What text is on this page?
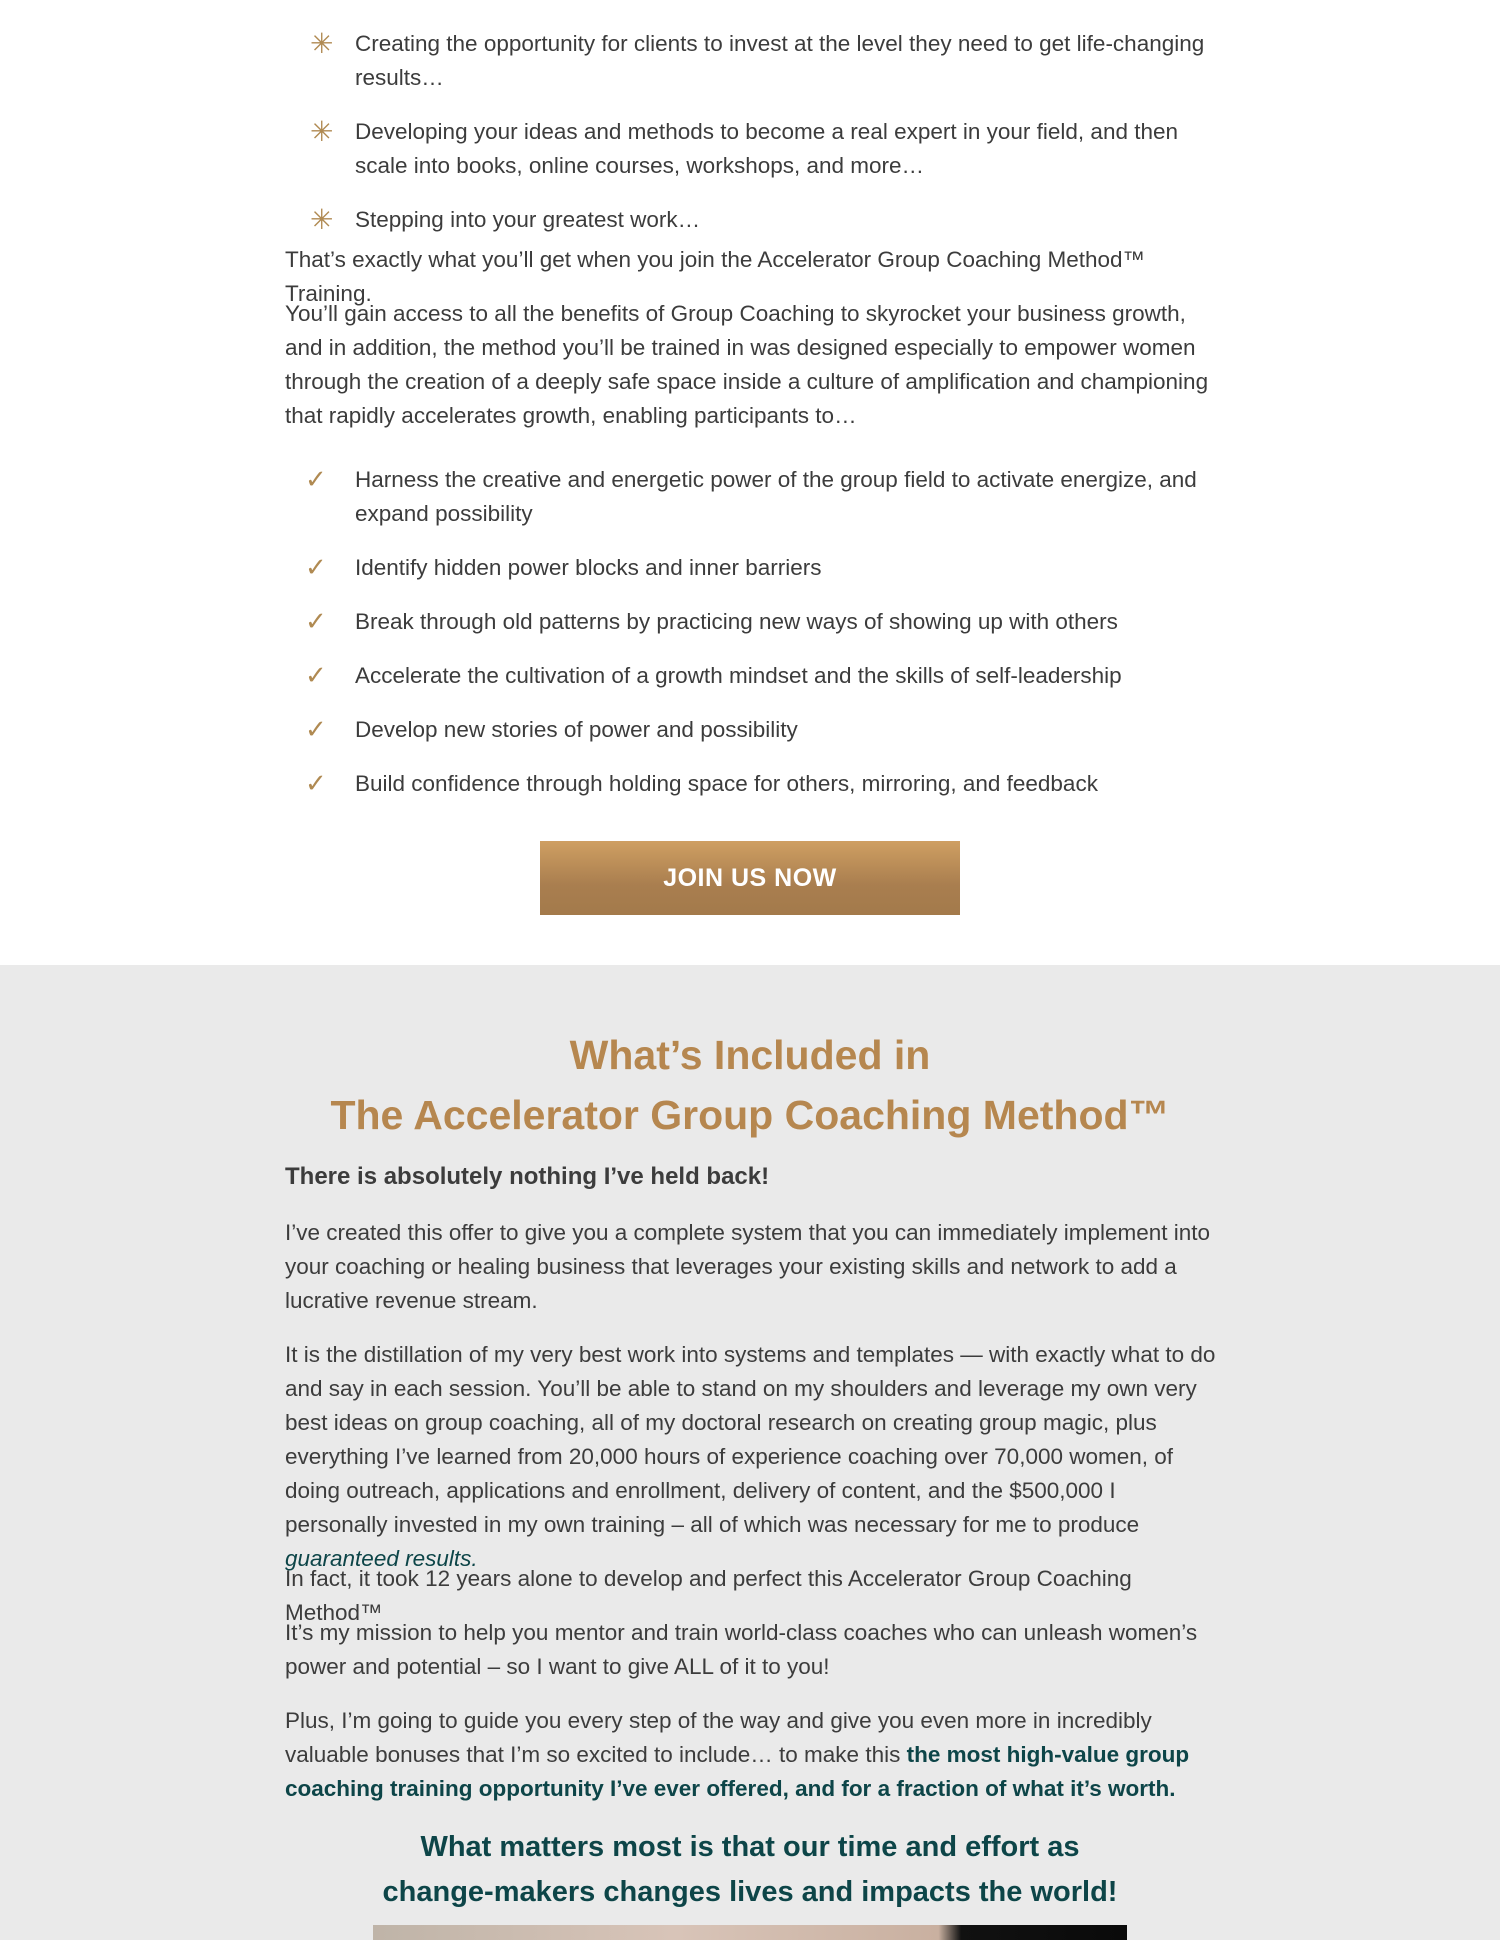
✳ Creating the opportunity for clients to invest at the level they need to get life-changing results…
✳ Developing your ideas and methods to become a real expert in your field, and then scale into books, online courses, workshops, and more…
✳ Stepping into your greatest work…

That’s exactly what you’ll get when you join the Accelerator Group Coaching Method™ Training.

You’ll gain access to all the benefits of Group Coaching to skyrocket your business growth, and in addition, the method you’ll be trained in was designed especially to empower women through the creation of a deeply safe space inside a culture of amplification and championing that rapidly accelerates growth, enabling participants to…

✓ Harness the creative and energetic power of the group field to activate energize, and expand possibility
✓ Identify hidden power blocks and inner barriers
✓ Break through old patterns by practicing new ways of showing up with others
✓ Accelerate the cultivation of a growth mindset and the skills of self-leadership
✓ Develop new stories of power and possibility
✓ Build confidence through holding space for others, mirroring, and feedback
JOIN US NOW
What’s Included in
The Accelerator Group Coaching Method™

There is absolutely nothing I’ve held back!

I’ve created this offer to give you a complete system that you can immediately implement into your coaching or healing business that leverages your existing skills and network to add a lucrative revenue stream.

It is the distillation of my very best work into systems and templates — with exactly what to do and say in each session. You’ll be able to stand on my shoulders and leverage my own very best ideas on group coaching, all of my doctoral research on creating group magic, plus everything I’ve learned from 20,000 hours of experience coaching over 70,000 women, of doing outreach, applications and enrollment, delivery of content, and the $500,000 I personally invested in my own training – all of which was necessary for me to produce guaranteed results.

In fact, it took 12 years alone to develop and perfect this Accelerator Group Coaching Method™

It’s my mission to help you mentor and train world-class coaches who can unleash women’s power and potential – so I want to give ALL of it to you!

Plus, I’m going to guide you every step of the way and give you even more in incredibly valuable bonuses that I’m so excited to include… to make this the most high-value group coaching training opportunity I’ve ever offered, and for a fraction of what it’s worth.

What matters most is that our time and effort as
change-makers changes lives and impacts the world!
